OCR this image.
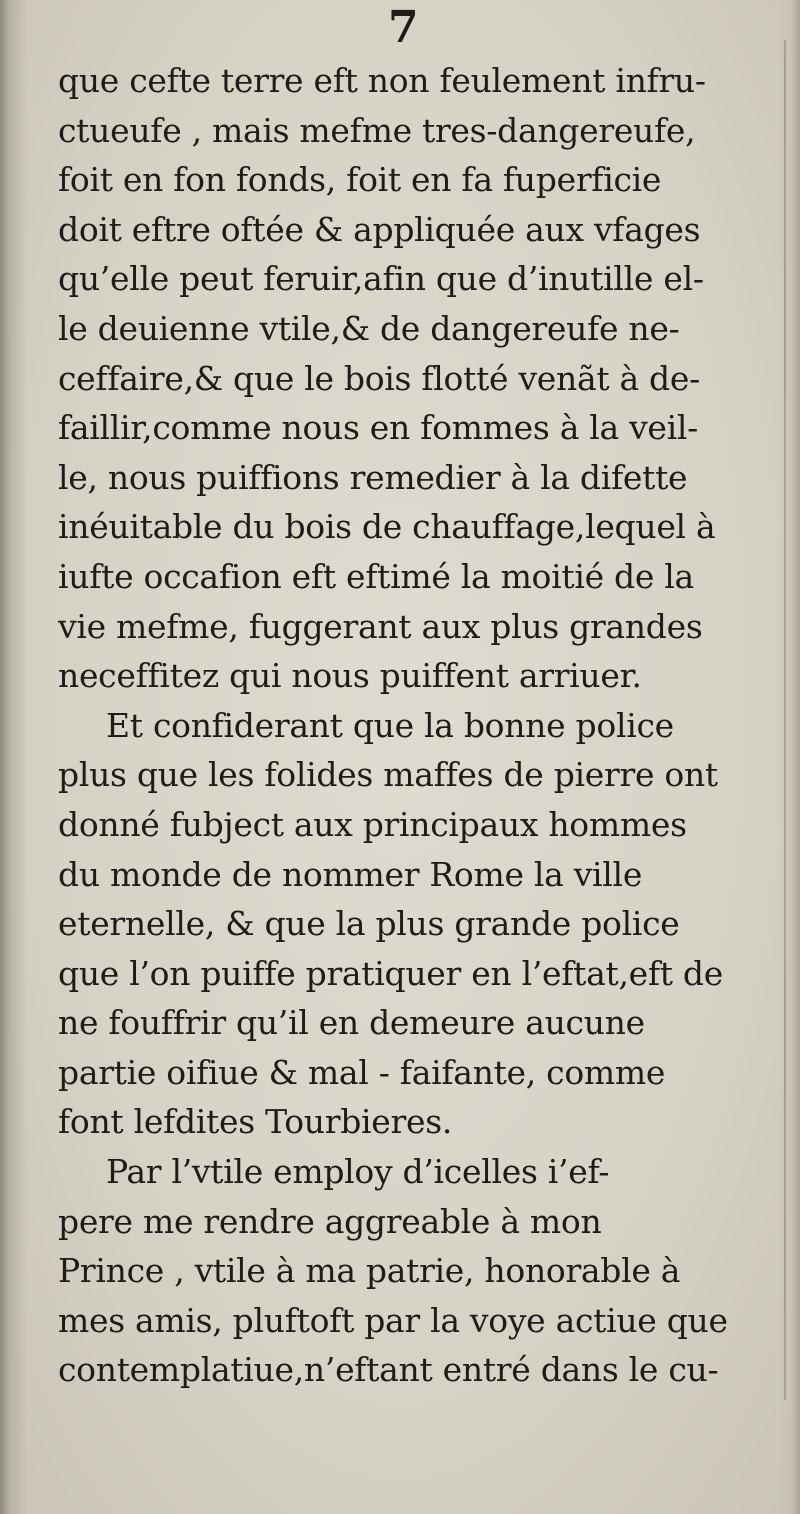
7
que cefte terre eft non feulement infru-
ctueufe , mais mefme tres-dangereufe,
foit en fon fonds, foit en fa fuperficie
doit eftre oftée & appliquée aux vfages
qu’elle peut feruir,afin que d’inutille el-
le deuienne vtile,& de dangereufe ne-
ceffaire,& que le bois flotté venãt à de-
faillir,comme nous en fommes à la veil-
le, nous puiffions remedier à la difette
inéuitable du bois de chauffage,lequel à
iufte occafion eft eftimé la moitié de la
vie mefme, fuggerant aux plus grandes
neceffitez qui nous puiffent arriuer.
Et confiderant que la bonne police
plus que les folides maffes de pierre ont
donné fubject aux principaux hommes
du monde de nommer Rome la ville
eternelle, & que la plus grande police
que l’on puiffe pratiquer en l’eftat,eft de
ne fouffrir qu’il en demeure aucune
partie oifiue & mal - faifante, comme
font lefdites Tourbieres.
Par l’vtile employ d’icelles i’ef-
pere me rendre aggreable à mon
Prince , vtile à ma patrie, honorable à
mes amis, pluftoft par la voye actiue que
contemplatiue,n’eftant entré dans le cu-
